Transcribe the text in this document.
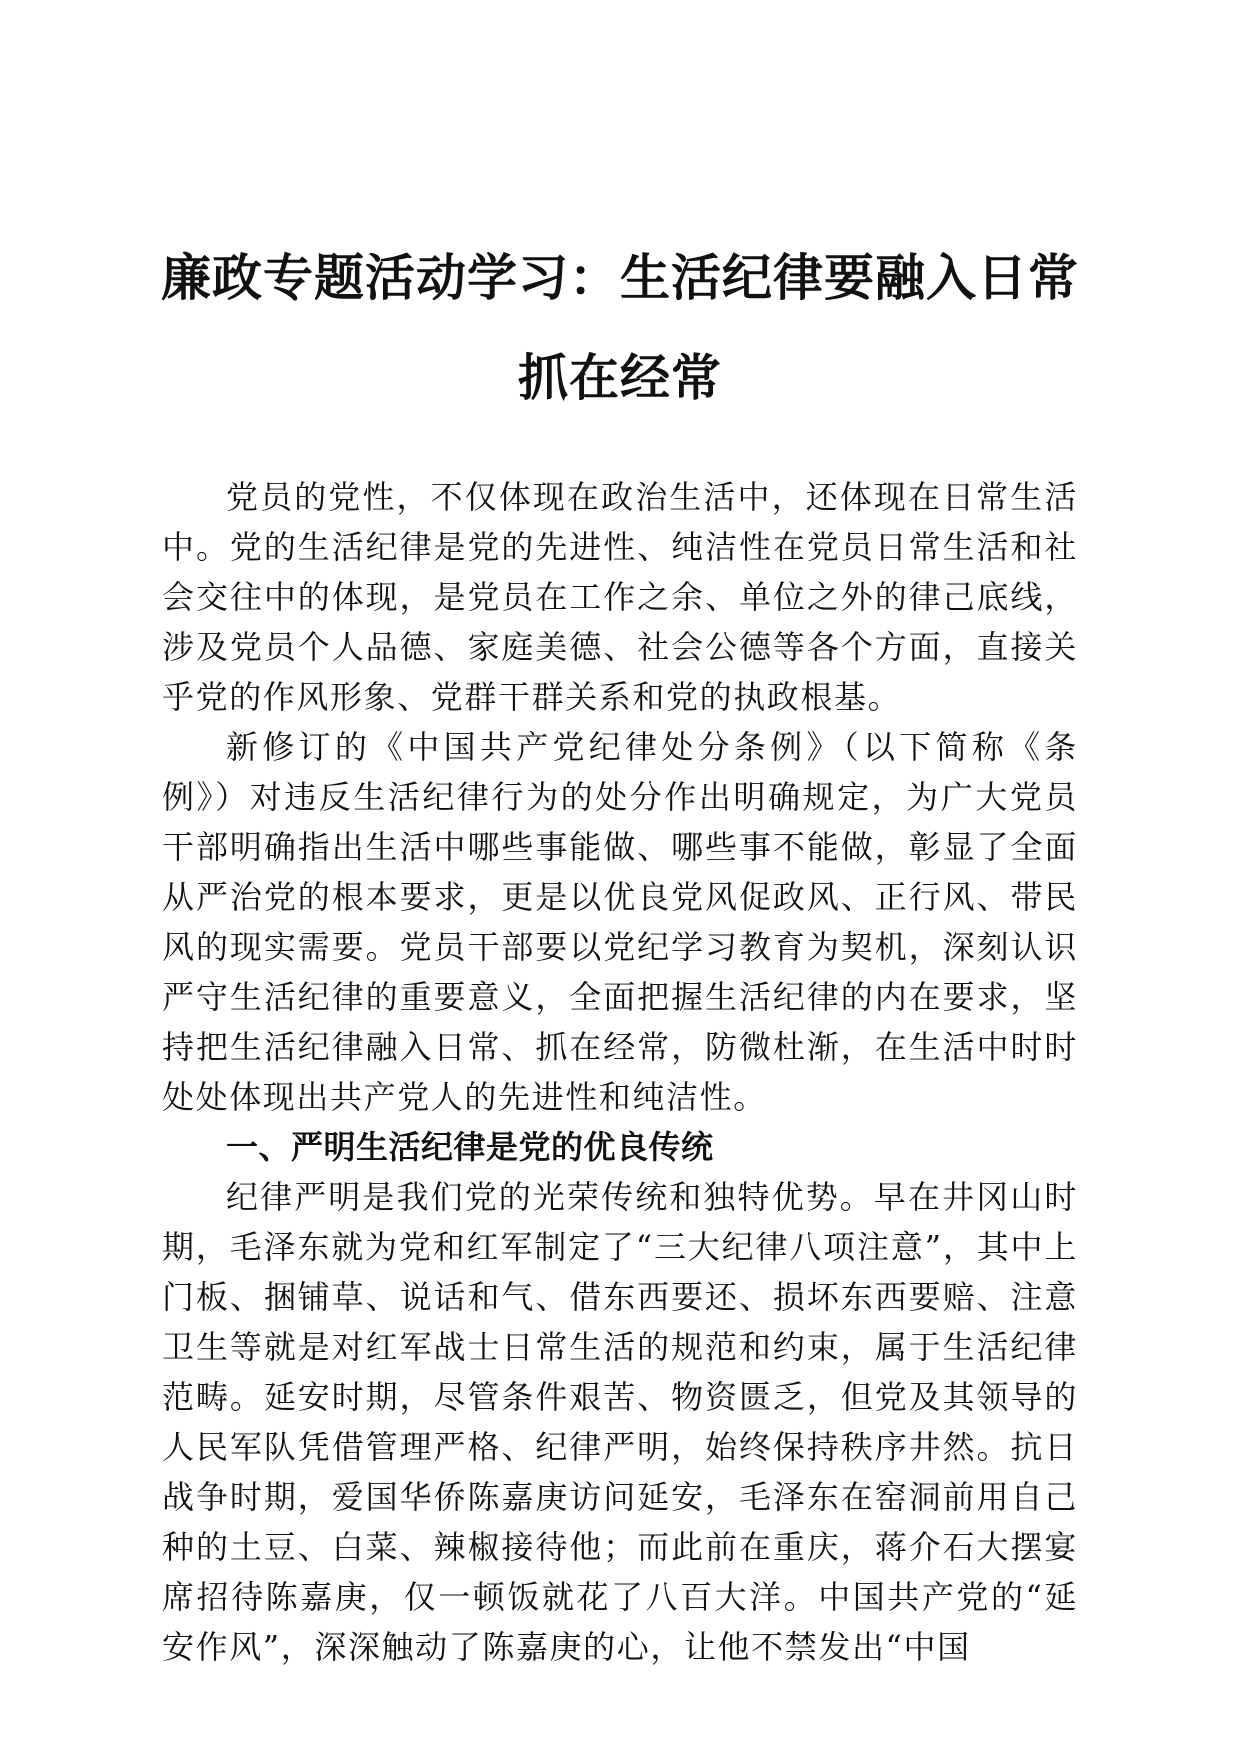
廉政专题活动学习：生活纪律要融入日常抓在经常

党员的党性，不仅体现在政治生活中，还体现在日常生活中。党的生活纪律是党的先进性、纯洁性在党员日常生活和社会交往中的体现，是党员在工作之余、单位之外的律己底线，涉及党员个人品德、家庭美德、社会公德等各个方面，直接关乎党的作风形象、党群干群关系和党的执政根基。

新修订的《中国共产党纪律处分条例》（以下简称《条例》）对违反生活纪律行为的处分作出明确规定，为广大党员干部明确指出生活中哪些事能做、哪些事不能做，彰显了全面从严治党的根本要求，更是以优良党风促政风、正行风、带民风的现实需要。党员干部要以党纪学习教育为契机，深刻认识严守生活纪律的重要意义，全面把握生活纪律的内在要求，坚持把生活纪律融入日常、抓在经常，防微杜渐，在生活中时时处处体现出共产党人的先进性和纯洁性。

一、严明生活纪律是党的优良传统

纪律严明是我们党的光荣传统和独特优势。早在井冈山时期，毛泽东就为党和红军制定了“三大纪律八项注意”，其中上门板、捆铺草、说话和气、借东西要还、损坏东西要赔、注意卫生等就是对红军战士日常生活的规范和约束，属于生活纪律范畴。延安时期，尽管条件艰苦、物资匮乏，但党及其领导的人民军队凭借管理严格、纪律严明，始终保持秩序井然。抗日战争时期，爱国华侨陈嘉庚访问延安，毛泽东在窑洞前用自己种的土豆、白菜、辣椒接待他；而此前在重庆，蒋介石大摆宴席招待陈嘉庚，仅一顿饭就花了八百大洋。中国共产党的“延安作风”，深深触动了陈嘉庚的心，让他不禁发出“中国
